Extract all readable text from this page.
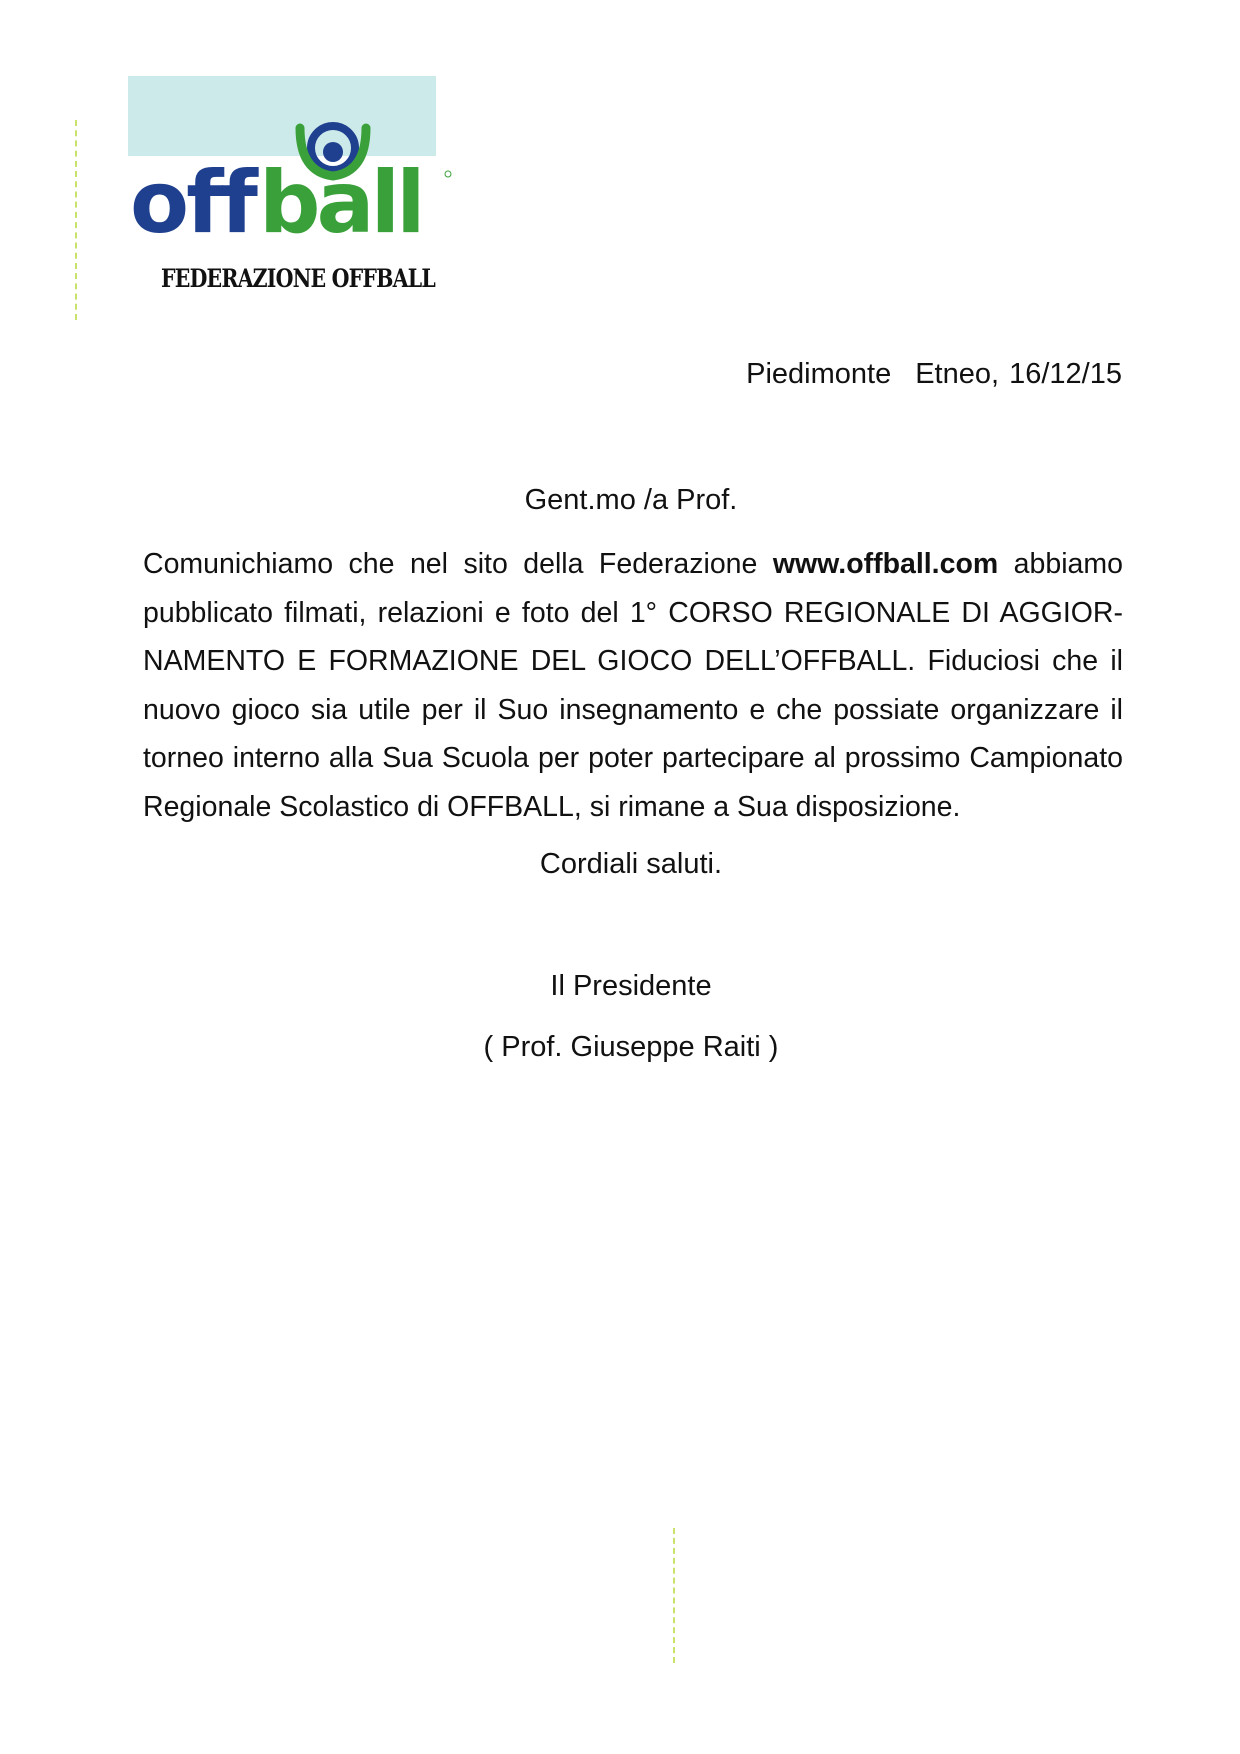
off ball
FEDERAZIONE OFFBALL
Piedimonte Etneo, 16/12/15
Gent.mo /a Prof.
Comunichiamo che nel sito della Federazione www.offball.com abbiamo pubblicato filmati, relazioni e foto del 1° CORSO REGIONALE DI AGGIORNAMENTO E FORMAZIONE DEL GIOCO DELL’OFFBALL. Fiduciosi che il nuovo gioco sia utile per il Suo insegnamento e che possiate organizzare il torneo interno alla Sua Scuola per poter partecipare al prossimo Campionato Regionale Scolastico di OFFBALL, si rimane a Sua disposizione.
Cordiali saluti.
Il Presidente
( Prof. Giuseppe Raiti )
